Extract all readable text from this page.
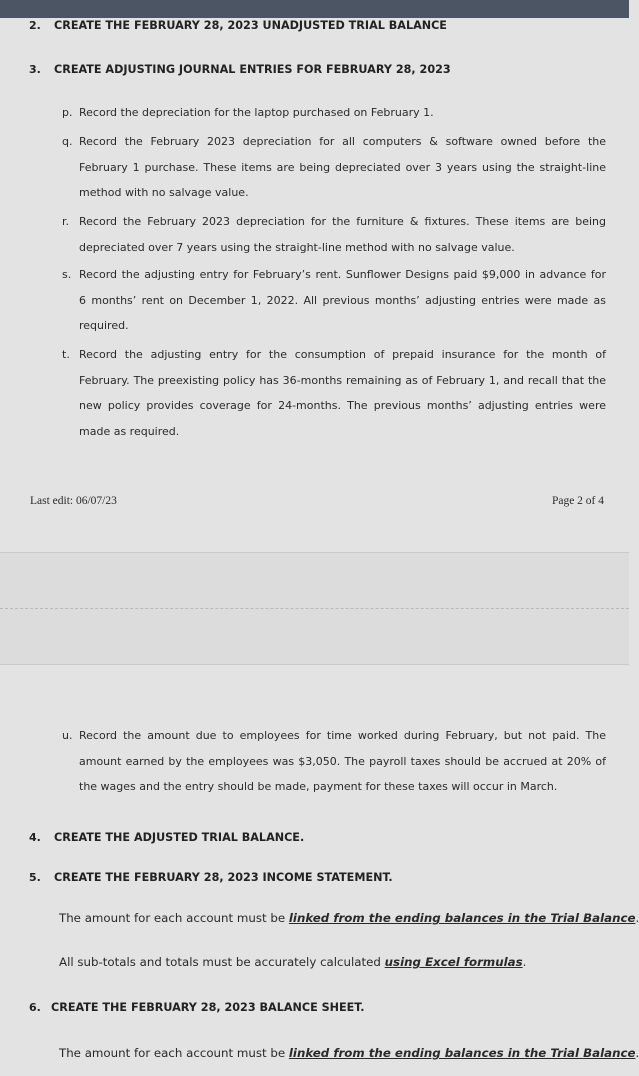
2. CREATE THE FEBRUARY 28, 2023 UNADJUSTED TRIAL BALANCE
3. CREATE ADJUSTING JOURNAL ENTRIES FOR FEBRUARY 28, 2023
p. Record the depreciation for the laptop purchased on February 1.
q. Record the February 2023 depreciation for all computers & software owned before the
February 1 purchase. These items are being depreciated over 3 years using the straight-line
method with no salvage value.
r. Record the February 2023 depreciation for the furniture & fixtures. These items are being
depreciated over 7 years using the straight-line method with no salvage value.
s. Record the adjusting entry for February’s rent. Sunflower Designs paid $9,000 in advance for
6 months’ rent on December 1, 2022. All previous months’ adjusting entries were made as
required.
t. Record the adjusting entry for the consumption of prepaid insurance for the month of
February. The preexisting policy has 36-months remaining as of February 1, and recall that the
new policy provides coverage for 24-months. The previous months’ adjusting entries were
made as required.
Last edit: 06/07/23	Page 2 of 4
u. Record the amount due to employees for time worked during February, but not paid. The
amount earned by the employees was $3,050. The payroll taxes should be accrued at 20% of
the wages and the entry should be made, payment for these taxes will occur in March.
4. CREATE THE ADJUSTED TRIAL BALANCE.
5. CREATE THE FEBRUARY 28, 2023 INCOME STATEMENT.
The amount for each account must be linked from the ending balances in the Trial Balance.
All sub-totals and totals must be accurately calculated using Excel formulas.
6. CREATE THE FEBRUARY 28, 2023 BALANCE SHEET.
The amount for each account must be linked from the ending balances in the Trial Balance.
